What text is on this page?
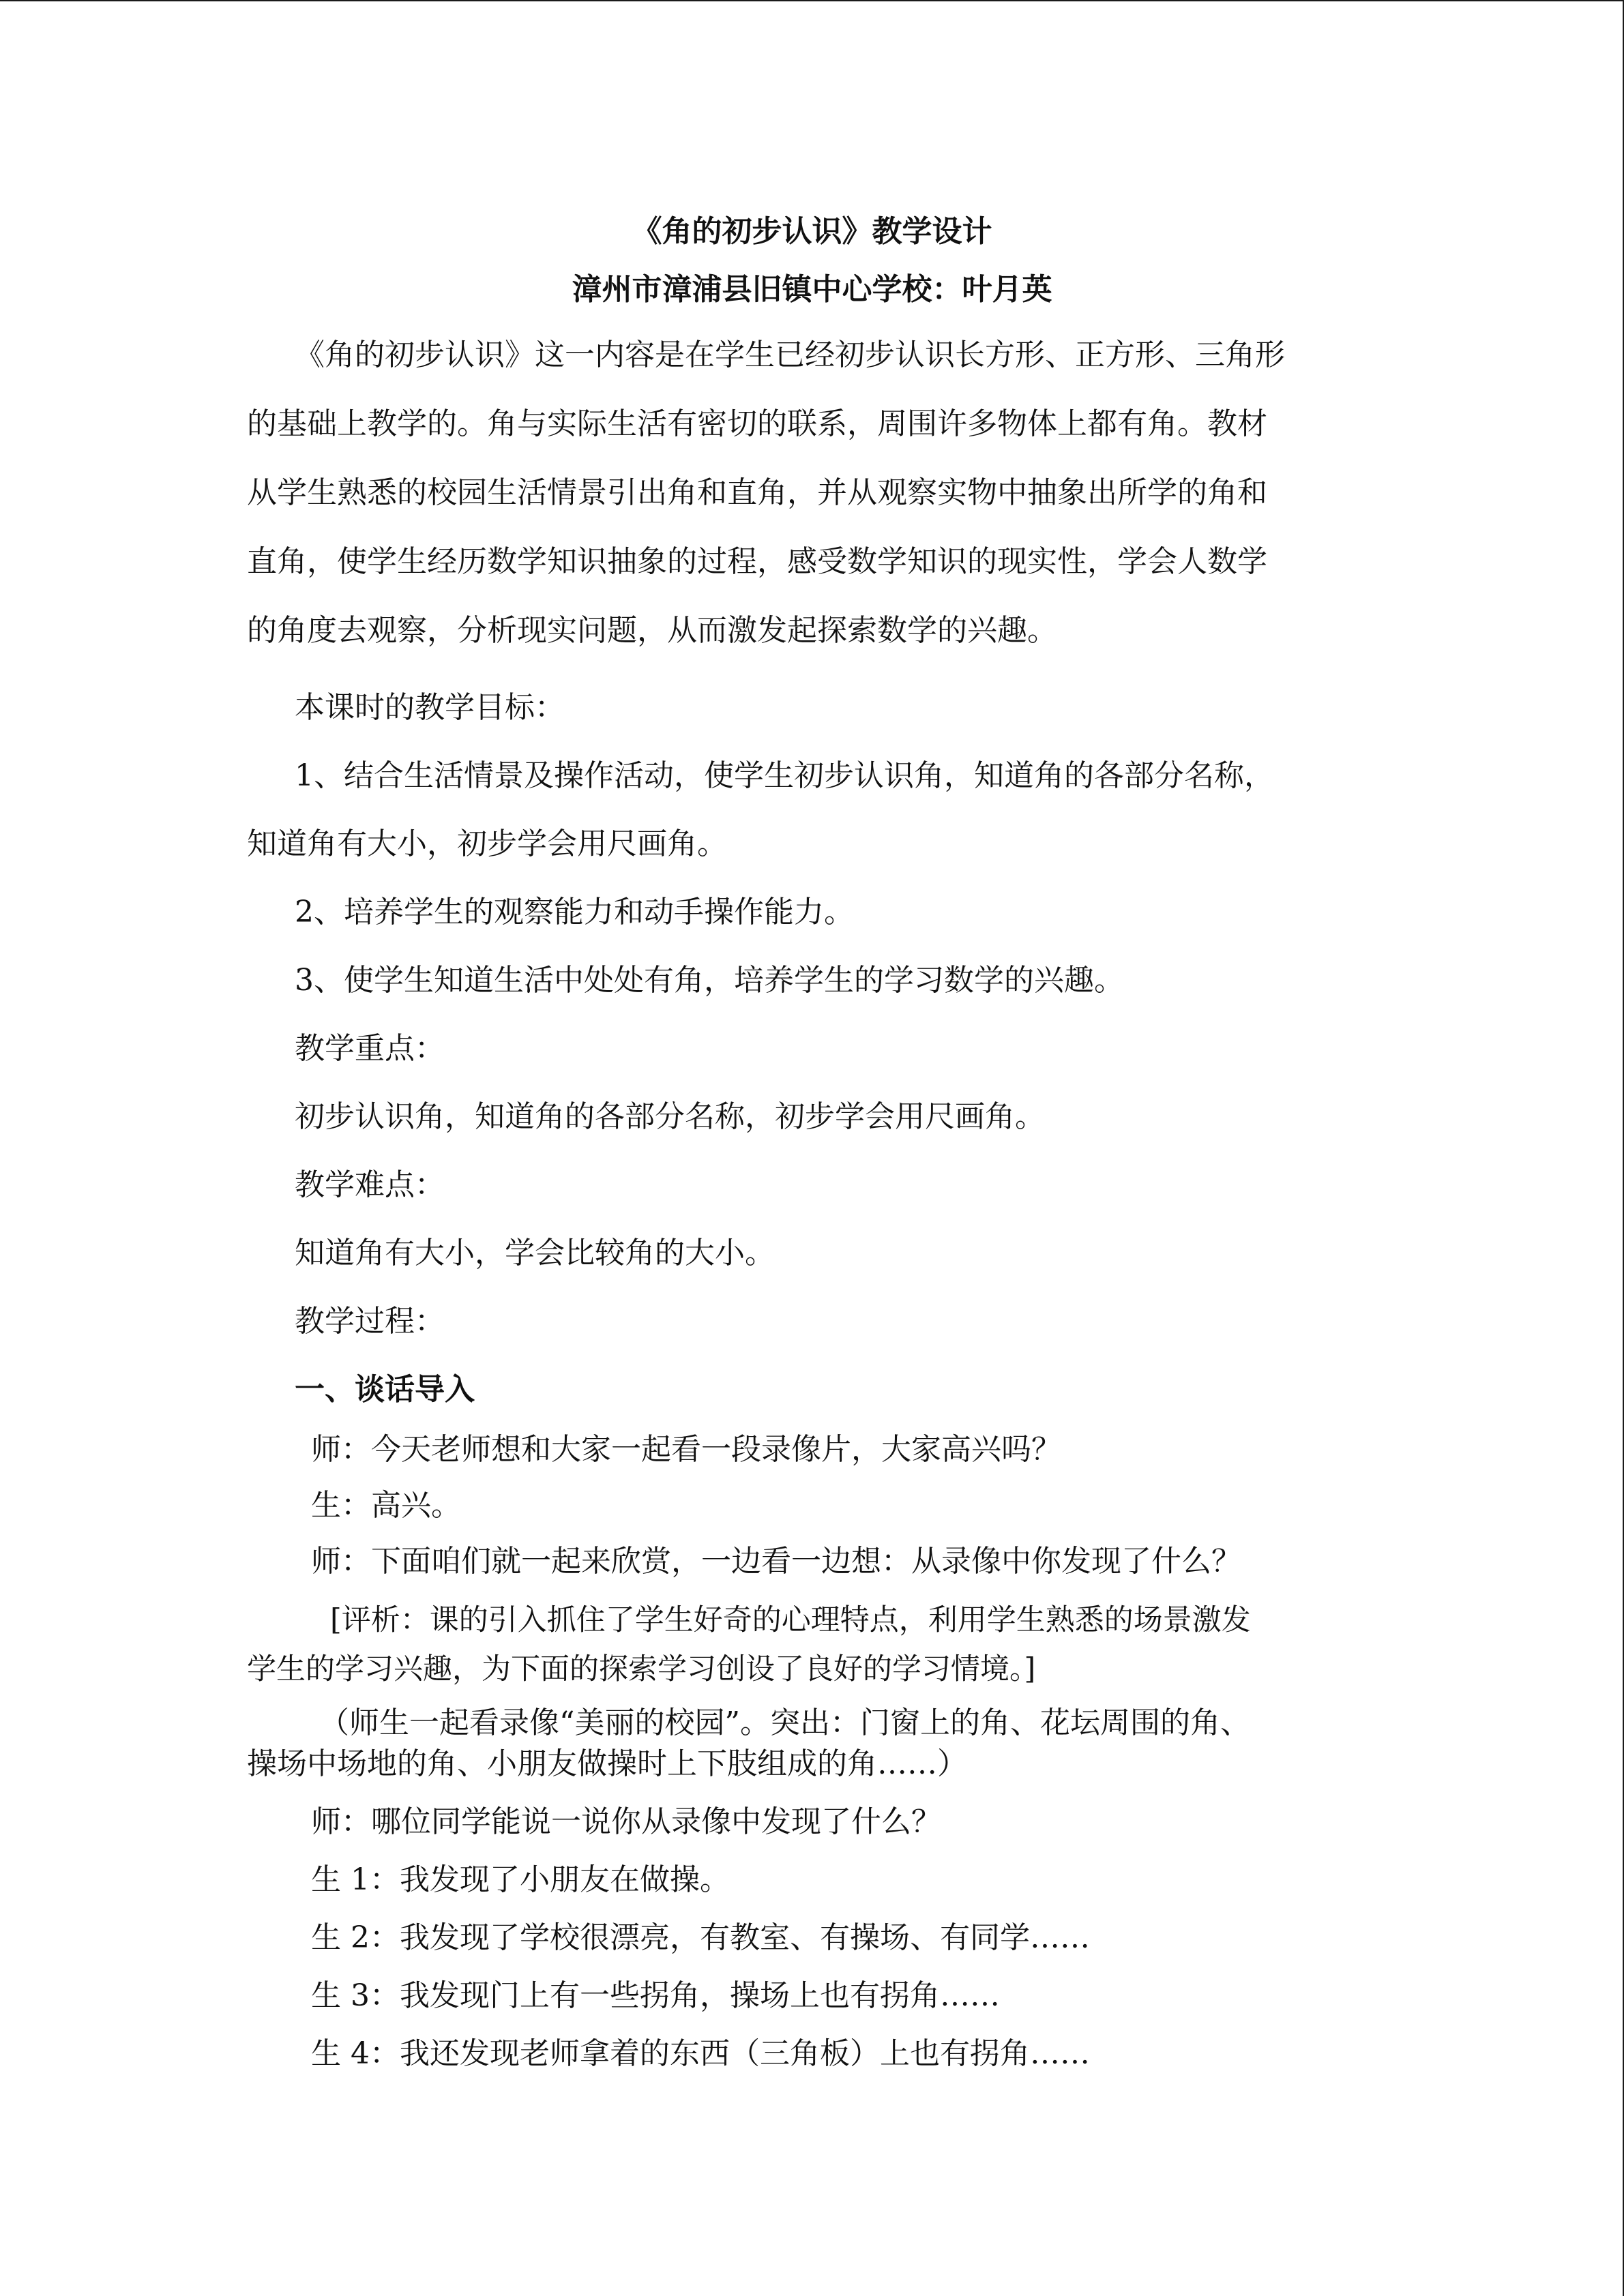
《角的初步认识》教学设计
漳州市漳浦县旧镇中心学校：叶月英
《角的初步认识》这一内容是在学生已经初步认识长方形、正方形、三角形
的基础上教学的。角与实际生活有密切的联系，周围许多物体上都有角。教材
从学生熟悉的校园生活情景引出角和直角，并从观察实物中抽象出所学的角和
直角，使学生经历数学知识抽象的过程，感受数学知识的现实性，学会人数学
的角度去观察，分析现实问题，从而激发起探索数学的兴趣。
本课时的教学目标：
1、结合生活情景及操作活动，使学生初步认识角，知道角的各部分名称，
知道角有大小，初步学会用尺画角。
2、培养学生的观察能力和动手操作能力。
3、使学生知道生活中处处有角，培养学生的学习数学的兴趣。
教学重点：
初步认识角，知道角的各部分名称，初步学会用尺画角。
教学难点：
知道角有大小，学会比较角的大小。
教学过程：
一、谈话导入
师：今天老师想和大家一起看一段录像片，大家高兴吗？
生：高兴。
师：下面咱们就一起来欣赏，一边看一边想：从录像中你发现了什么？
[评析：课的引入抓住了学生好奇的心理特点，利用学生熟悉的场景激发
学生的学习兴趣，为下面的探索学习创设了良好的学习情境。]
（师生一起看录像“美丽的校园”。突出：门窗上的角、花坛周围的角、
操场中场地的角、小朋友做操时上下肢组成的角……）
师：哪位同学能说一说你从录像中发现了什么？
生 1：我发现了小朋友在做操。
生 2：我发现了学校很漂亮，有教室、有操场、有同学……
生 3：我发现门上有一些拐角，操场上也有拐角……
生 4：我还发现老师拿着的东西（三角板）上也有拐角……
